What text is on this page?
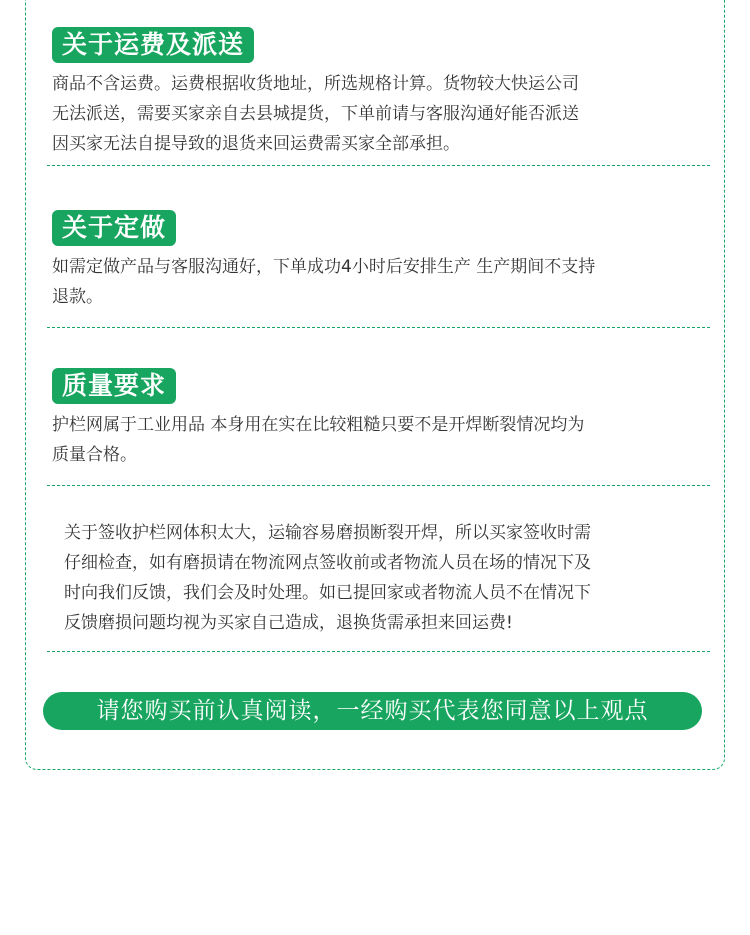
关于运费及派送
商品不含运费。运费根据收货地址，所选规格计算。货物较大快运公司
无法派送，需要买家亲自去县城提货，下单前请与客服沟通好能否派送
因买家无法自提导致的退货来回运费需买家全部承担。
关于定做
如需定做产品与客服沟通好，下单成功4小时后安排生产 生产期间不支持
退款。
质量要求
护栏网属于工业用品 本身用在实在比较粗糙只要不是开焊断裂情况均为
质量合格。
关于签收护栏网体积太大，运输容易磨损断裂开焊，所以买家签收时需
仔细检查，如有磨损请在物流网点签收前或者物流人员在场的情况下及
时向我们反馈，我们会及时处理。如已提回家或者物流人员不在情况下
反馈磨损问题均视为买家自己造成，退换货需承担来回运费!
请您购买前认真阅读，一经购买代表您同意以上观点
